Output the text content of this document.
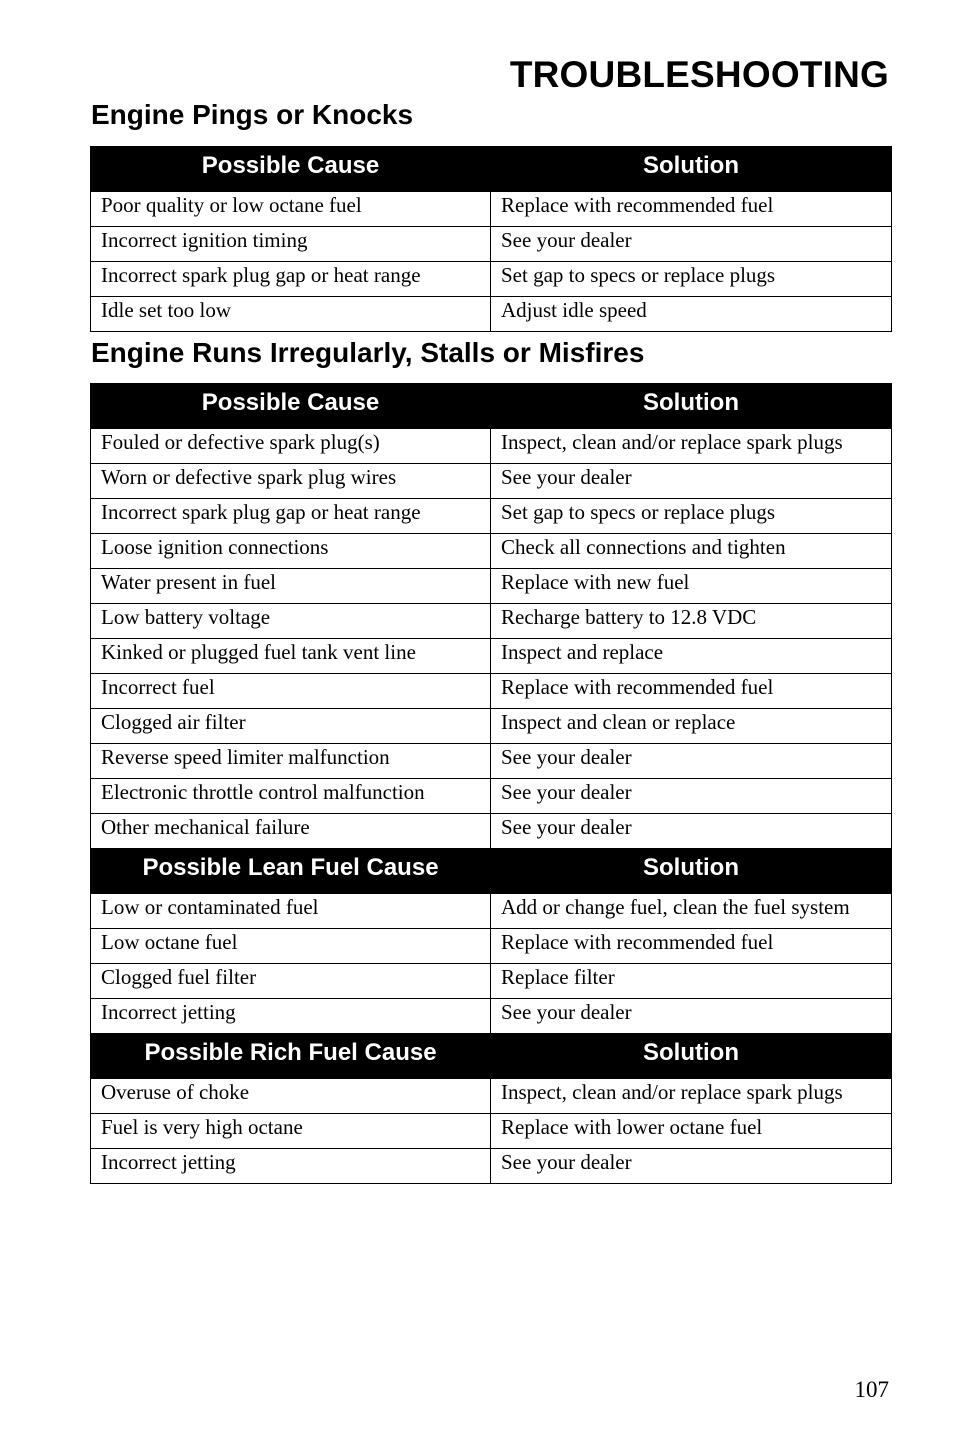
TROUBLESHOOTING
Engine Pings or Knocks
Possible Cause	Solution
Poor quality or low octane fuel	Replace with recommended fuel
Incorrect ignition timing	See your dealer
Incorrect spark plug gap or heat range	Set gap to specs or replace plugs
Idle set too low	Adjust idle speed
Engine Runs Irregularly, Stalls or Misfires
Possible Cause	Solution
Fouled or defective spark plug(s)	Inspect, clean and/or replace spark plugs
Worn or defective spark plug wires	See your dealer
Incorrect spark plug gap or heat range	Set gap to specs or replace plugs
Loose ignition connections	Check all connections and tighten
Water present in fuel	Replace with new fuel
Low battery voltage	Recharge battery to 12.8 VDC
Kinked or plugged fuel tank vent line	Inspect and replace
Incorrect fuel	Replace with recommended fuel
Clogged air filter	Inspect and clean or replace
Reverse speed limiter malfunction	See your dealer
Electronic throttle control malfunction	See your dealer
Other mechanical failure	See your dealer
Possible Lean Fuel Cause	Solution
Low or contaminated fuel	Add or change fuel, clean the fuel system
Low octane fuel	Replace with recommended fuel
Clogged fuel filter	Replace filter
Incorrect jetting	See your dealer
Possible Rich Fuel Cause	Solution
Overuse of choke	Inspect, clean and/or replace spark plugs
Fuel is very high octane	Replace with lower octane fuel
Incorrect jetting	See your dealer
107
